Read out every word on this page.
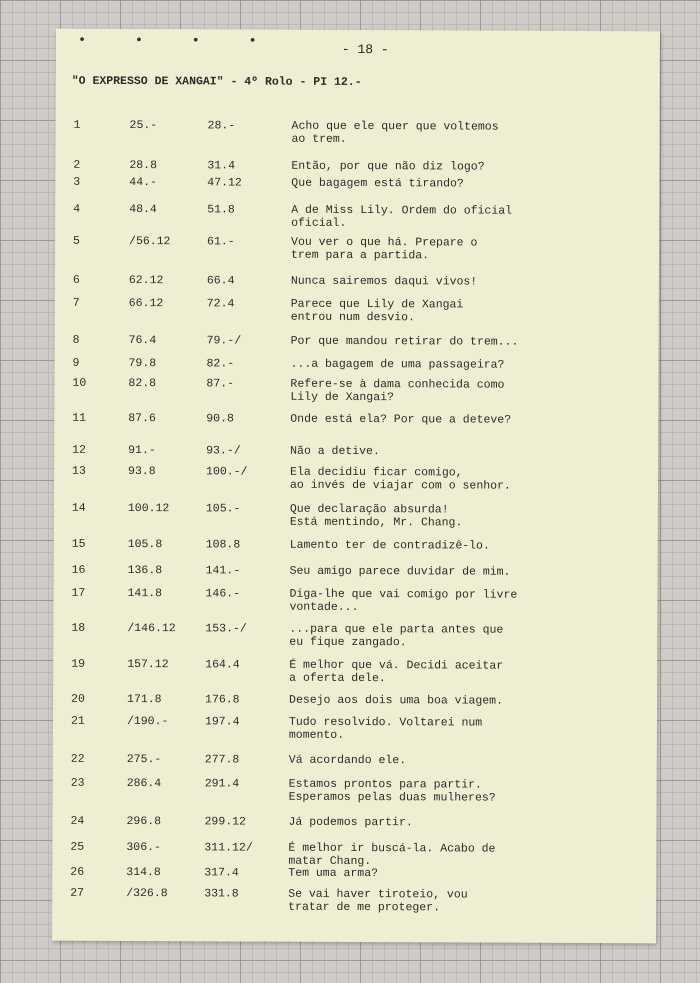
• • • •	- 18 -
"O EXPRESSO DE XANGAI" - 4º Rolo - PI 12.-
1	25.-	28.-	Acho que ele quer que voltemos
ao trem.
2	28.8	31.4	Então, por que não diz logo?
3	44.-	47.12	Que bagagem está tirando?
4	48.4	51.8	A de Miss Lily. Ordem do oficial
oficial.
5	/56.12	61.-	Vou ver o que há. Prepare o
trem para a partida.
6	62.12	66.4	Nunca sairemos daqui vivos!
7	66.12	72.4	Parece que Lily de Xangai
entrou num desvio.
8	76.4	79.-/	Por que mandou retirar do trem...
9	79.8	82.-	...a bagagem de uma passageira?
10	82.8	87.-	Refere-se à dama conhecida como
Lily de Xangai?
11	87.6	90.8	Onde está ela? Por que a deteve?
12	91.-	93.-/	Não a detive.
13	93.8	100.-/	Ela decidiu ficar comigo,
ao invés de viajar com o senhor.
14	100.12	105.-	Que declaração absurda!
Está mentindo, Mr. Chang.
15	105.8	108.8	Lamento ter de contradizê-lo.
16	136.8	141.-	Seu amigo parece duvidar de mim.
17	141.8	146.-	Diga-lhe que vai comigo por livre
vontade...
18	/146.12	153.-/	...para que ele parta antes que
eu fique zangado.
19	157.12	164.4	É melhor que vá. Decidi aceitar
a oferta dele.
20	171.8	176.8	Desejo aos dois uma boa viagem.
21	/190.-	197.4	Tudo resolvido. Voltarei num
momento.
22	275.-	277.8	Vá acordando ele.
23	286.4	291.4	Estamos prontos para partir.
Esperamos pelas duas mulheres?
24	296.8	299.12	Já podemos partir.
25	306.-	311.12/	É melhor ir buscá-la. Acabo de
matar Chang.
26	314.8	317.4	Tem uma arma?
27	/326.8	331.8	Se vai haver tiroteio, vou
tratar de me proteger.
